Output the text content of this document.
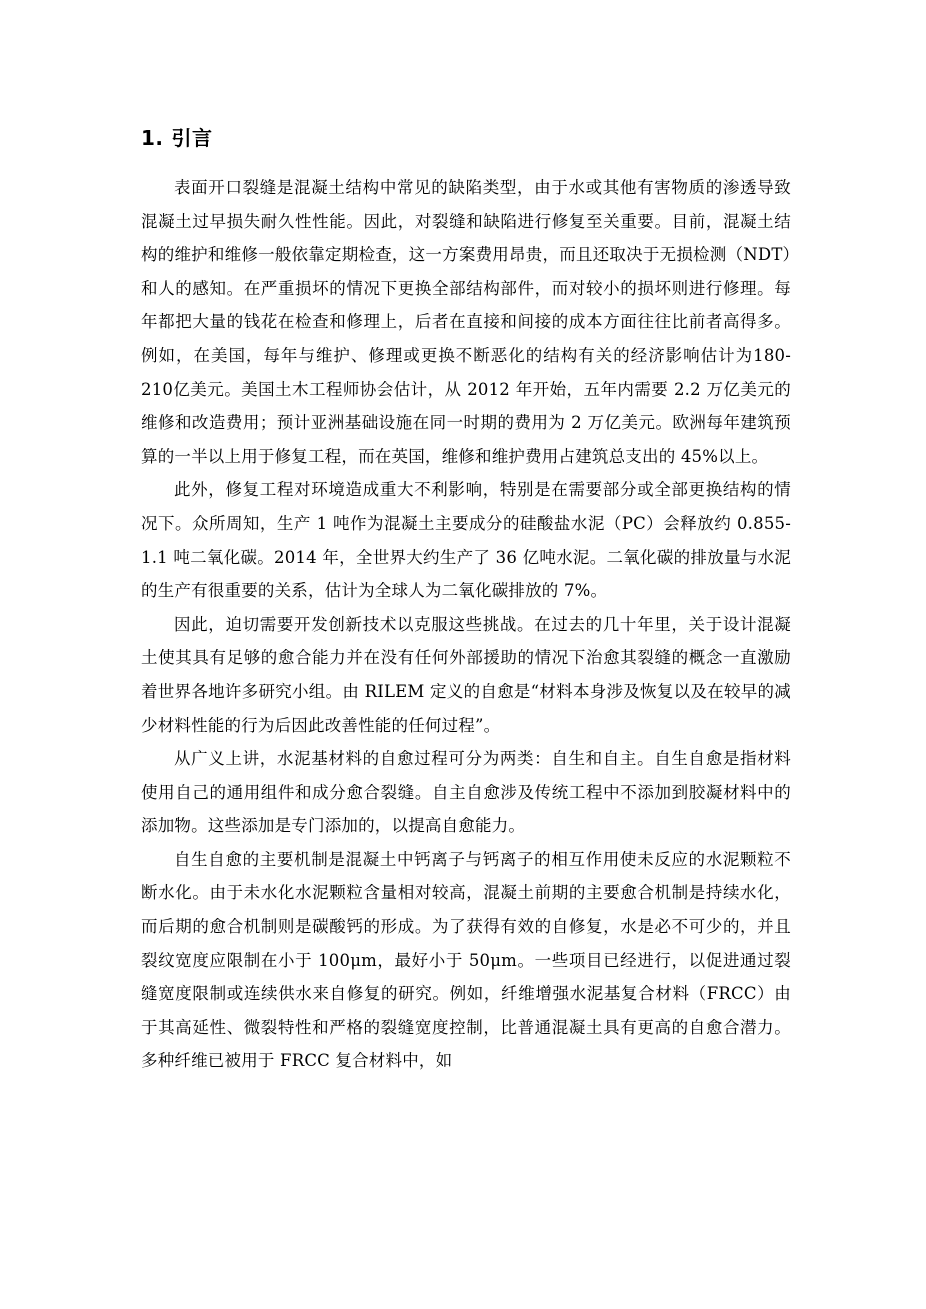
1. 引言

表面开口裂缝是混凝土结构中常见的缺陷类型，由于水或其他有害物质的渗透导致混凝土过早损失耐久性性能。因此，对裂缝和缺陷进行修复至关重要。目前，混凝土结构的维护和维修一般依靠定期检查，这一方案费用昂贵，而且还取决于无损检测（NDT）和人的感知。在严重损坏的情况下更换全部结构部件，而对较小的损坏则进行修理。每年都把大量的钱花在检查和修理上，后者在直接和间接的成本方面往往比前者高得多。例如，在美国，每年与维护、修理或更换不断恶化的结构有关的经济影响估计为180-210亿美元。美国土木工程师协会估计，从 2012 年开始，五年内需要 2.2 万亿美元的维修和改造费用；预计亚洲基础设施在同一时期的费用为 2 万亿美元。欧洲每年建筑预算的一半以上用于修复工程，而在英国，维修和维护费用占建筑总支出的 45%以上。

此外，修复工程对环境造成重大不利影响，特别是在需要部分或全部更换结构的情况下。众所周知，生产 1 吨作为混凝土主要成分的硅酸盐水泥（PC）会释放约 0.855-1.1 吨二氧化碳。2014 年，全世界大约生产了 36 亿吨水泥。二氧化碳的排放量与水泥的生产有很重要的关系，估计为全球人为二氧化碳排放的 7%。

因此，迫切需要开发创新技术以克服这些挑战。在过去的几十年里，关于设计混凝土使其具有足够的愈合能力并在没有任何外部援助的情况下治愈其裂缝的概念一直激励着世界各地许多研究小组。由 RILEM 定义的自愈是“材料本身涉及恢复以及在较早的减少材料性能的行为后因此改善性能的任何过程”。

从广义上讲，水泥基材料的自愈过程可分为两类：自生和自主。自生自愈是指材料使用自己的通用组件和成分愈合裂缝。自主自愈涉及传统工程中不添加到胶凝材料中的添加物。这些添加是专门添加的，以提高自愈能力。

自生自愈的主要机制是混凝土中钙离子与钙离子的相互作用使未反应的水泥颗粒不断水化。由于未水化水泥颗粒含量相对较高，混凝土前期的主要愈合机制是持续水化，而后期的愈合机制则是碳酸钙的形成。为了获得有效的自修复，水是必不可少的，并且裂纹宽度应限制在小于 100μm，最好小于 50μm。一些项目已经进行，以促进通过裂缝宽度限制或连续供水来自修复的研究。例如，纤维增强水泥基复合材料（FRCC）由于其高延性、微裂特性和严格的裂缝宽度控制，比普通混凝土具有更高的自愈合潜力。多种纤维已被用于 FRCC 复合材料中，如
